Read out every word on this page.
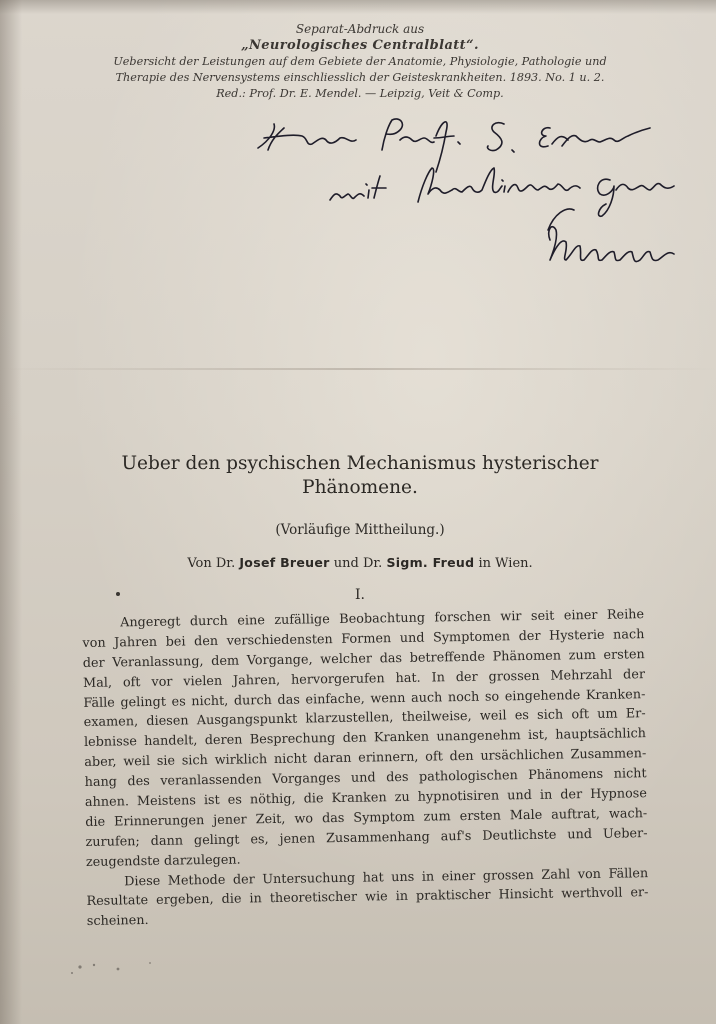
Separat-Abdruck aus
„Neurologisches Centralblatt“.
Uebersicht der Leistungen auf dem Gebiete der Anatomie, Physiologie, Pathologie und
Therapie des Nervensystems einschliesslich der Geisteskrankheiten. 1893. No. 1 u. 2.
Red.: Prof. Dr. E. Mendel. — Leipzig, Veit & Comp.
Ueber den psychischen Mechanismus hysterischer
Phänomene.
(Vorläufige Mittheilung.)
Von Dr. Josef Breuer und Dr. Sigm. Freud in Wien.
I.
Angeregt durch eine zufällige Beobachtung forschen wir seit einer Reihe
von Jahren bei den verschiedensten Formen und Symptomen der Hysterie nach
der Veranlassung, dem Vorgange, welcher das betreffende Phänomen zum ersten
Mal, oft vor vielen Jahren, hervorgerufen hat. In der grossen Mehrzahl der
Fälle gelingt es nicht, durch das einfache, wenn auch noch so eingehende Kranken-
examen, diesen Ausgangspunkt klarzustellen, theilweise, weil es sich oft um Er-
lebnisse handelt, deren Besprechung den Kranken unangenehm ist, hauptsächlich
aber, weil sie sich wirklich nicht daran erinnern, oft den ursächlichen Zusammen-
hang des veranlassenden Vorganges und des pathologischen Phänomens nicht
ahnen. Meistens ist es nöthig, die Kranken zu hypnotisiren und in der Hypnose
die Erinnerungen jener Zeit, wo das Symptom zum ersten Male auftrat, wach-
zurufen; dann gelingt es, jenen Zusammenhang auf's Deutlichste und Ueber-
zeugendste darzulegen.
Diese Methode der Untersuchung hat uns in einer grossen Zahl von Fällen
Resultate ergeben, die in theoretischer wie in praktischer Hinsicht werthvoll er-
scheinen.
